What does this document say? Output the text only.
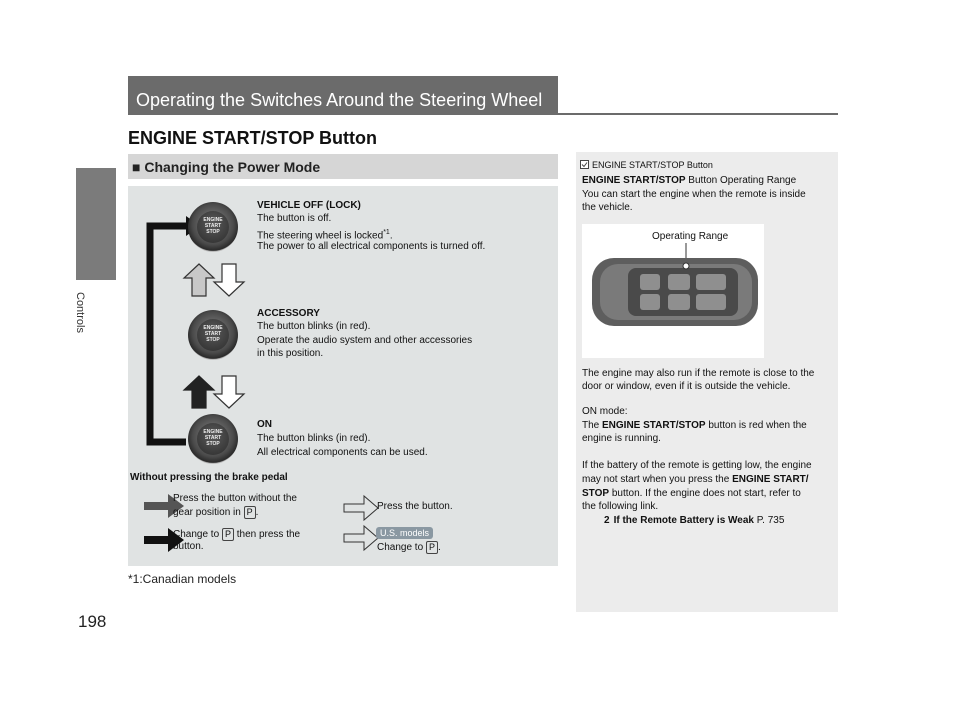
Controls
198
Operating the Switches Around the Steering Wheel
ENGINE START/STOP Button
■ Changing the Power Mode
ENGINE
START
STOP
ENGINE
START
STOP
ENGINE
START
STOP
VEHICLE OFF (LOCK)
The button is off.
The steering wheel is locked$^{*1}$.
The power to all electrical components is turned off.
ACCESSORY
The button blinks (in red).
Operate the audio system and other accessories
in this position.
ON
The button blinks (in red).
All electrical components can be used.
Without pressing the brake pedal
Press the button without the
gear position in P .
Press the button.
Change to P then press the
button.
U.S. models
Change to P .
*1:Canadian models
ENGINE START/STOP Button
ENGINE START/STOP Button Operating Range
You can start the engine when the remote is inside
the vehicle.
Operating Range
The engine may also run if the remote is close to the
door or window, even if it is outside the vehicle.
ON mode:
The ENGINE START/STOP button is red when the
engine is running.
If the battery of the remote is getting low, the engine
may not start when you press the ENGINE START/
STOP button. If the engine does not start, refer to
the following link.
2 If the Remote Battery is Weak P. 735
